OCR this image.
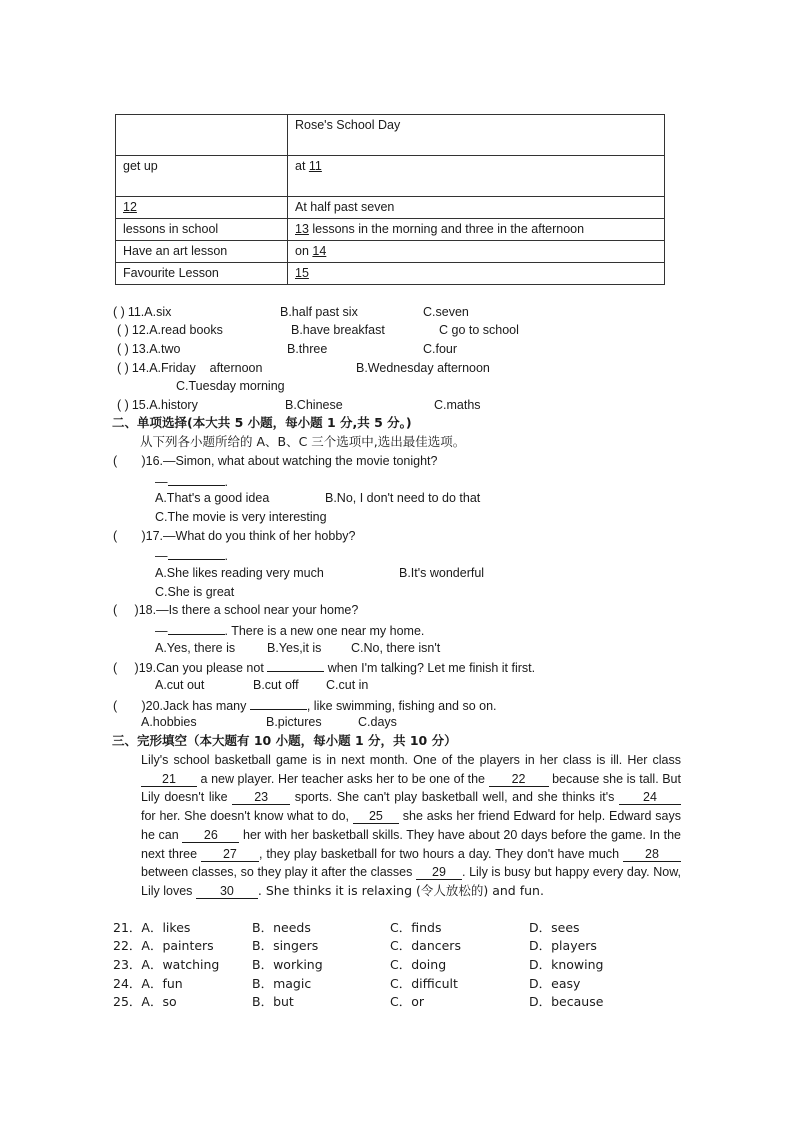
	Rose's School Day
get up	at 11
12	At half past seven
lessons in school	13 lessons in the morning and three in the afternoon
Have an art lesson	on 14
Favourite Lesson	15
( ) 11.A.six	B.half past six	C.seven
( ) 12.A.read books	B.have breakfast	C go to school
( ) 13.A.two	B.three	C.four
( ) 14.A.Friday    afternoon	B.Wednesday afternoon
C.Tuesday morning
( ) 15.A.history	B.Chinese	C.maths
二、单项选择(本大共 5 小题，每小题 1 分,共 5 分。)
从下列各小题所给的 A、B、C 三个选项中,选出最佳选项。
(       )16.—Simon, what about watching the movie tonight?
—	.
A.That's a good idea	B.No, I don't need to do that
C.The movie is very interesting
(       )17.—What do you think of her hobby?
—	.
A.She likes reading very much	B.It's wonderful
C.She is great
(     )18.—Is there a school near your home?
—	. There is a new one near my home.
A.Yes, there is	B.Yes,it is C.No, there isn't
(     )19.Can you please not	when I'm talking? Let me finish it first.
A.cut out	B.cut off C.cut in
(       )20.Jack has many	, like swimming, fishing and so on.
A.hobbies	B.pictures	C.days
三、完形填空（本大题有 10 小题，每小题 1 分，共 10 分）

Lily's school basketball game is in next month. One of the players in her class is ill. Her class 21 a new player. Her teacher asks her to be one of the 22 because she is tall. But Lily doesn't like 23 sports. She can't play basketball well, and she thinks it's 24 for her. She doesn't know what to do, 25 she asks her friend Edward for help. Edward says he can 26 her with her basketball skills. They have about 20 days before the game. In the next three 27 , they play basketball for two hours a day. They don't have much 28 between classes, so they play it after the classes 29 . Lily is busy but happy every day. Now, Lily loves 30 . She thinks it is relaxing (令人放松的) and fun.

21．A．likes	B．needs	C．finds	D．sees
22．A．painters	B．singers	C．dancers	D．players
23．A．watching	B．working	C．doing	D．knowing
24．A．fun	B．magic	C．difficult	D．easy
25．A．so	B．but	C．or	D．because
